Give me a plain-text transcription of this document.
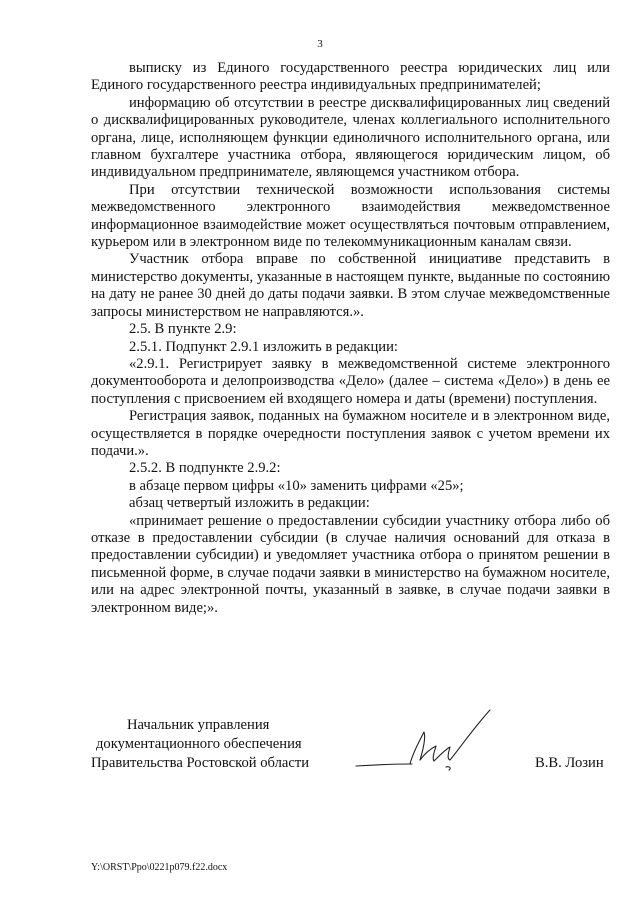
3

выписку из Единого государственного реестра юридических лиц или Единого государственного реестра индивидуальных предпринимателей;

информацию об отсутствии в реестре дисквалифицированных лиц сведений о дисквалифицированных руководителе, членах коллегиального исполнительного органа, лице, исполняющем функции единоличного исполнительного органа, или главном бухгалтере участника отбора, являющегося юридическим лицом, об индивидуальном предпринимателе, являющемся участником отбора.

При отсутствии технической возможности использования системы межведомственного электронного взаимодействия межведомственное информационное взаимодействие может осуществляться почтовым отправлением, курьером или в электронном виде по телекоммуникационным каналам связи.

Участник отбора вправе по собственной инициативе представить в министерство документы, указанные в настоящем пункте, выданные по состоянию на дату не ранее 30 дней до даты подачи заявки. В этом случае межведомственные запросы министерством не направляются.».

2.5. В пункте 2.9:

2.5.1. Подпункт 2.9.1 изложить в редакции:

«2.9.1. Регистрирует заявку в межведомственной системе электронного документооборота и делопроизводства «Дело» (далее – система «Дело») в день ее поступления с присвоением ей входящего номера и даты (времени) поступления.

Регистрация заявок, поданных на бумажном носителе и в электронном виде, осуществляется в порядке очередности поступления заявок с учетом времени их подачи.».

2.5.2. В подпункте 2.9.2:

в абзаце первом цифры «10» заменить цифрами «25»;

абзац четвертый изложить в редакции:

«принимает решение о предоставлении субсидии участнику отбора либо об отказе в предоставлении субсидии (в случае наличия оснований для отказа в предоставлении субсидии) и уведомляет участника отбора о принятом решении в письменной форме, в случае подачи заявки в министерство на бумажном носителе, или на адрес электронной почты, указанный в заявке, в случае подачи заявки в электронном виде;».

Начальник управления
документационного обеспечения
Правительства Ростовской области	В.В. Лозин
Y:\ORST\Ppo\0221p079.f22.docx
